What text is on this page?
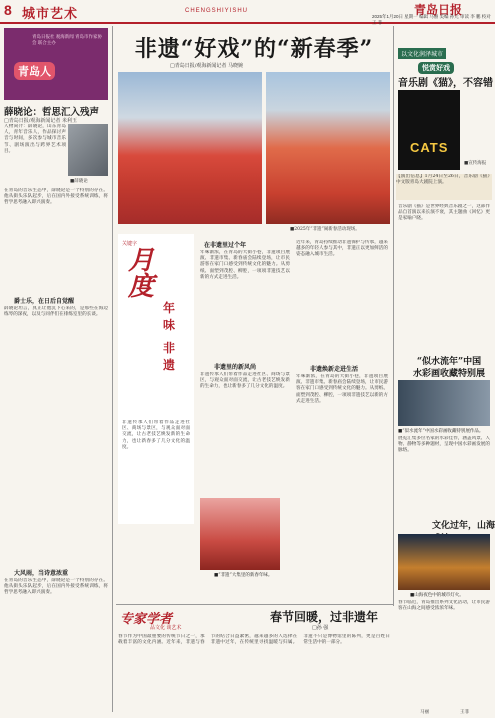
8 城市艺术	CHENGSHIYISHU	青岛日报
2025年1月20日 星期一 编辑 马丽 美编 孙元 审读 李 鹏 校对 王 菲
青岛日报社 观海新闻 青岛市作家协会 联合主办
青岛人
薛晓论：哲思汇入残声
□青岛日报/观海新闻记者 米利玉
■薛晓论
人物简介：薛晓论，山东青岛人，青年音乐人，作品探讨声音与时间，多次参与城市音乐节、剧场演出与跨界艺术项目。
在青岛的音乐生态中，薛晓论是一个特别的存在。他从街头乐队起步，后在国内外接受系统训练，将哲学思考融入即兴演奏。
爵士乐，在日后自觉醒
薛晓论坦言，真正让他沉下心来的，是那些在海边练琴的深夜，以及与同伴们在排练室里的长谈。
大风雨，当诗意浓重
在青岛的音乐生态中，薛晓论是一个特别的存在。他从街头乐队起步，后在国内外接受系统训练，将哲学思考融入即兴演奏。
非遗“好戏”的“新春季”
□青岛日报/观海新闻记者 马晓婉
■2025年“非遗”闹新春活动现场。
关键字
月度
年味
非遗
非遗传承人们带着作品走进社区、商场与景区，与观众面对面交流，让古老技艺焕发新的生命力，也让新春多了几分文化的温度。
在非遗里过个年
年味渐浓，在青岛的大街小巷，非遗项目展演、非遗市集、新春庙会陆续登场，让市民游客在家门口感受到传统文化的魅力。从剪纸、面塑到茂腔、柳腔，一项项非遗技艺以新的方式走进生活。
非遗里的新风尚
非遗传承人们带着作品走进社区、商场与景区，与观众面对面交流，让古老技艺焕发新的生命力，也让新春多了几分文化的温度。
■“非遗”大集里的新春年味。
近年来，青岛持续推动非遗保护与传承，越来越多的年轻人参与其中，非遗正以更加鲜活的姿态融入城市生活。
非遗焕新走进生活
年味渐浓，在青岛的大街小巷，非遗项目展演、非遗市集、新春庙会陆续登场，让市民游客在家门口感受到传统文化的魅力。从剪纸、面塑到茂腔、柳腔，一项项非遗技艺以新的方式走进生活。
以文化润泽城市
悦赏好戏
音乐剧《猫》，不容错
CATS
■宣传海报
【演出信息】1月24日至26日，音乐剧《猫》中文版青岛大剧院上演。
音乐剧《猫》是世界经典音乐剧之一，这部作品自首演以来长演不衰，其主题曲《回忆》更是家喻户晓。
“似水流年”中国
水彩画收藏特别展
■“似水流年”中国水彩画收藏特别展作品。
展览汇集多位名家的水彩佳作，涵盖风景、人物、静物等多种题材，呈现中国水彩画发展的脉络。
文化过年，山海
■山海夜色中的城市灯火。
春节临近，青岛推出系列文化活动，让市民游客在山海之间感受浓浓年味。
专家学者
品文化 谈艺术
春节回暖，过非遗年
□孙 强
春节作为中国最重要的传统节日之一，承载着丰富的文化内涵。近年来，非遗与春节的结合日益紧密，越来越多的人选择在非遗中过年，在传统里寻找温暖与归属。非遗不只是博物馆里的陈列，更是百姓日常生活中的一部分。
马丽	王菲
